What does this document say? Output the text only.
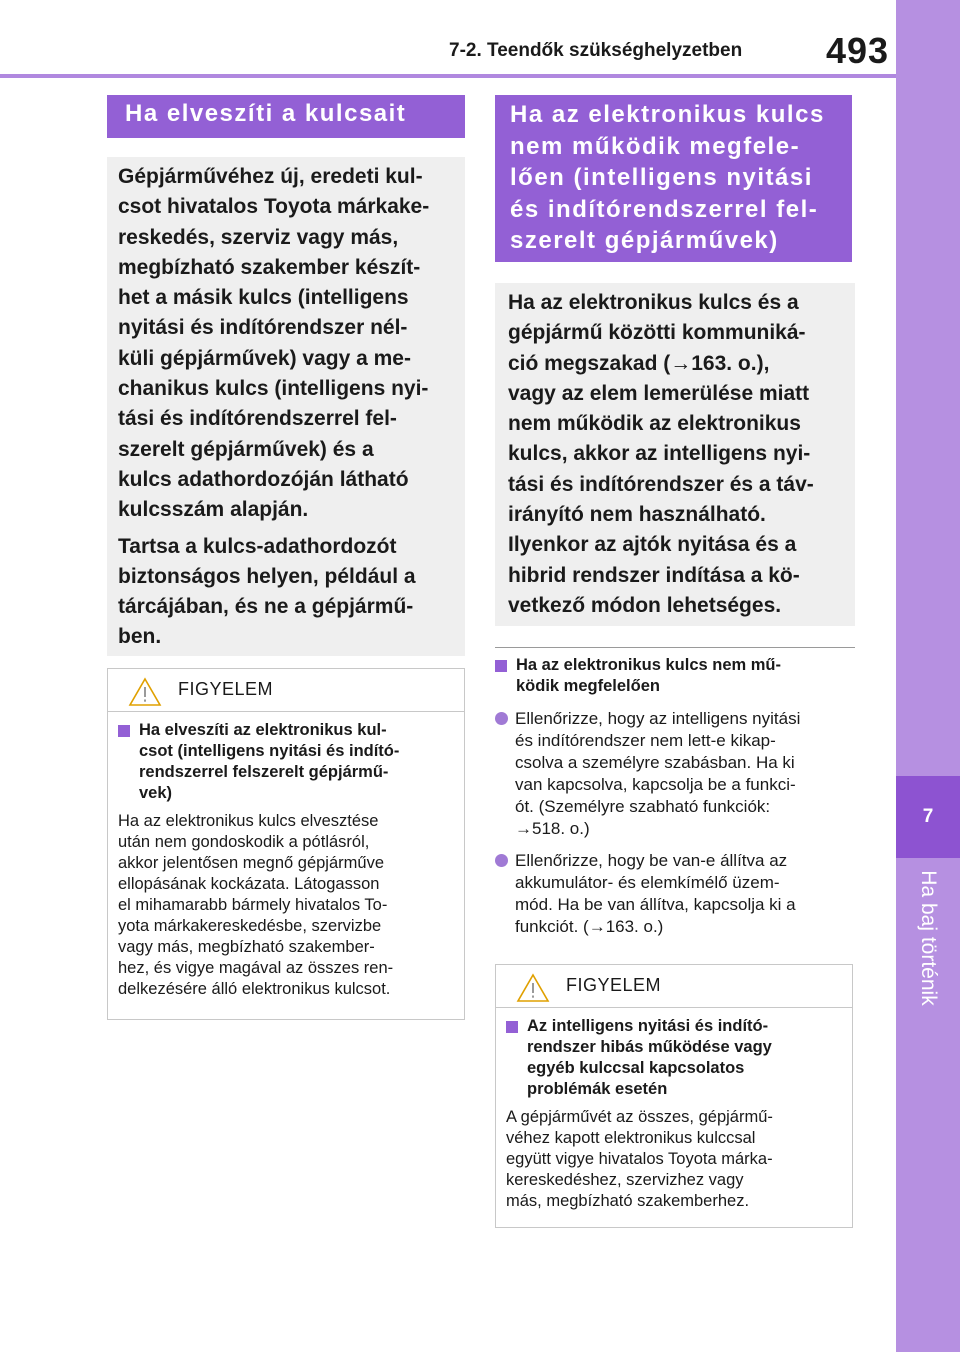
7-2. Teendők szükséghelyzetben 493
7
Ha baj történik
Ha elveszíti a kulcsait

Gépjárművéhez új, eredeti kul-

csot hivatalos Toyota márkake-

reskedés, szerviz vagy más,

megbízható szakember készít-

het a másik kulcs (intelligens

nyitási és indítórendszer nél-

küli gépjárművek) vagy a me-

chanikus kulcs (intelligens nyi-

tási és indítórendszerrel fel-

szerelt gépjárművek) és a

kulcs adathordozóján látható

kulcsszám alapján.

Tartsa a kulcs-adathordozót

biztonságos helyen, például a

tárcájában, és ne a gépjármű-

ben.

FIGYELEM
Ha elveszíti az elektronikus kul-
csot (intelligens nyitási és indító-
rendszerrel felszerelt gépjármű-
vek)
Ha az elektronikus kulcs elvesztése
után nem gondoskodik a pótlásról,
akkor jelentősen megnő gépjárműve
ellopásának kockázata. Látogasson
el mihamarabb bármely hivatalos To-
yota márkakereskedésbe, szervizbe
vagy más, megbízható szakember-
hez, és vigye magával az összes ren-
delkezésére álló elektronikus kulcsot.
Ha az elektronikus kulcs
nem működik megfele-
lően (intelligens nyitási
és indítórendszerrel fel-
szerelt gépjárművek)

Ha az elektronikus kulcs és a

gépjármű közötti kommuniká-

ció megszakad (→163. o.),

vagy az elem lemerülése miatt

nem működik az elektronikus

kulcs, akkor az intelligens nyi-

tási és indítórendszer és a táv-

irányító nem használható.

Ilyenkor az ajtók nyitása és a

hibrid rendszer indítása a kö-

vetkező módon lehetséges.

Ha az elektronikus kulcs nem mű-
ködik megfelelően
Ellenőrizze, hogy az intelligens nyitási
és indítórendszer nem lett-e kikap-
csolva a személyre szabásban. Ha ki
van kapcsolva, kapcsolja be a funkci-
ót. (Személyre szabható funkciók:
→518. o.)
Ellenőrizze, hogy be van-e állítva az
akkumulátor- és elemkímélő üzem-
mód. Ha be van állítva, kapcsolja ki a
funkciót. (→163. o.)
FIGYELEM
Az intelligens nyitási és indító-
rendszer hibás működése vagy
egyéb kulccsal kapcsolatos
problémák esetén
A gépjárművét az összes, gépjármű-
véhez kapott elektronikus kulccsal
együtt vigye hivatalos Toyota márka-
kereskedéshez, szervizhez vagy
más, megbízható szakemberhez.
